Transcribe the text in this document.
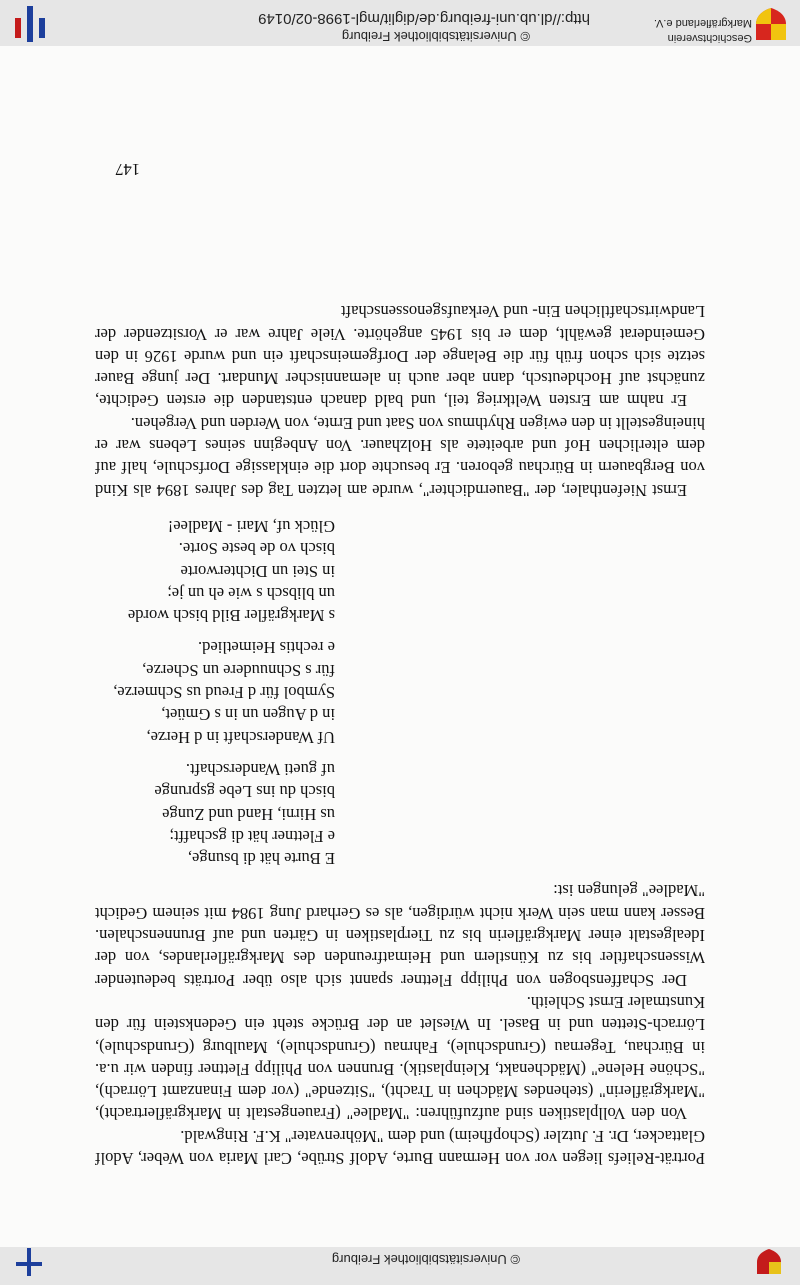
© Universitätsbibliothek Freiburg
© Universitätsbibliothek Freiburg
http://dl.ub.uni-freiburg.de/diglit/mgl-1998-02/0149
Geschichtsverein
Markgräflerland e.V.

Porträt-Reliefs liegen vor von Hermann Burte, Adolf Strübe, Carl Maria von Weber, Adolf Glattacker, Dr. F. Jutzler (Schopfheim) und dem "Möhrenvater" K.F. Ringwald.

Von den Vollplastiken sind aufzuführen: "Madlee" (Frauengestalt in Markgräflertracht), "Markgräflerin" (stehendes Mädchen in Tracht), "Sitzende" (vor dem Finanzamt Lörrach), "Schöne Helene" (Mädchenakt, Kleinplastik). Brunnen von Philipp Flettner finden wir u.a. in Bürchau, Tegernau (Grundschule), Fahrnau (Grundschule), Maulburg (Grundschule), Lörrach-Stetten und in Basel. In Wieslet an der Brücke steht ein Gedenkstein für den Kunstmaler Ernst Schleith.

Der Schaffensbogen von Philipp Flettner spannt sich also über Porträts bedeutender Wissenschaftler bis zu Künstlern und Heimatfreunden des Markgräflerlandes, von der Idealgestalt einer Markgräflerin bis zu Tierplastiken in Gärten und auf Brunnenschalen. Besser kann man sein Werk nicht würdigen, als es Gerhard Jung 1984 mit seinem Gedicht "Madlee" gelungen ist:

E Burte hät di bsunge,
e Flettner hät di gschafft;
us Hirni, Hand und Zunge
bisch du ins Lebe gsprunge
uf gueti Wanderschaft.
Uf Wanderschaft in d Herze,
in d Augen un in s Gmüet,
Symbol für d Freud us Schmerze,
für s Schnuudere un Scherze,
e rechtis Heimetlied.
s Markgräfler Bild bisch worde
un blibsch s wie eh un je;
in Stei un Dichterworte
bisch vo de beste Sorte.
Glück uf, Mari - Madlee!

Ernst Niefenthaler, der "Bauerndichter", wurde am letzten Tag des Jahres 1894 als Kind von Bergbauern in Bürchau geboren. Er besuchte dort die einklassige Dorfschule, half auf dem elterlichen Hof und arbeitete als Holzhauer. Von Anbeginn seines Lebens war er hineingestellt in den ewigen Rhythmus von Saat und Ernte, von Werden und Vergehen.

Er nahm am Ersten Weltkrieg teil, und bald danach entstanden die ersten Gedichte, zunächst auf Hochdeutsch, dann aber auch in alemannischer Mundart. Der junge Bauer setzte sich schon früh für die Belange der Dorfgemeinschaft ein und wurde 1926 in den Gemeinderat gewählt, dem er bis 1945 angehörte. Viele Jahre war er Vorsitzender der Landwirtschaftlichen Ein- und Verkaufsgenossenschaft

147
